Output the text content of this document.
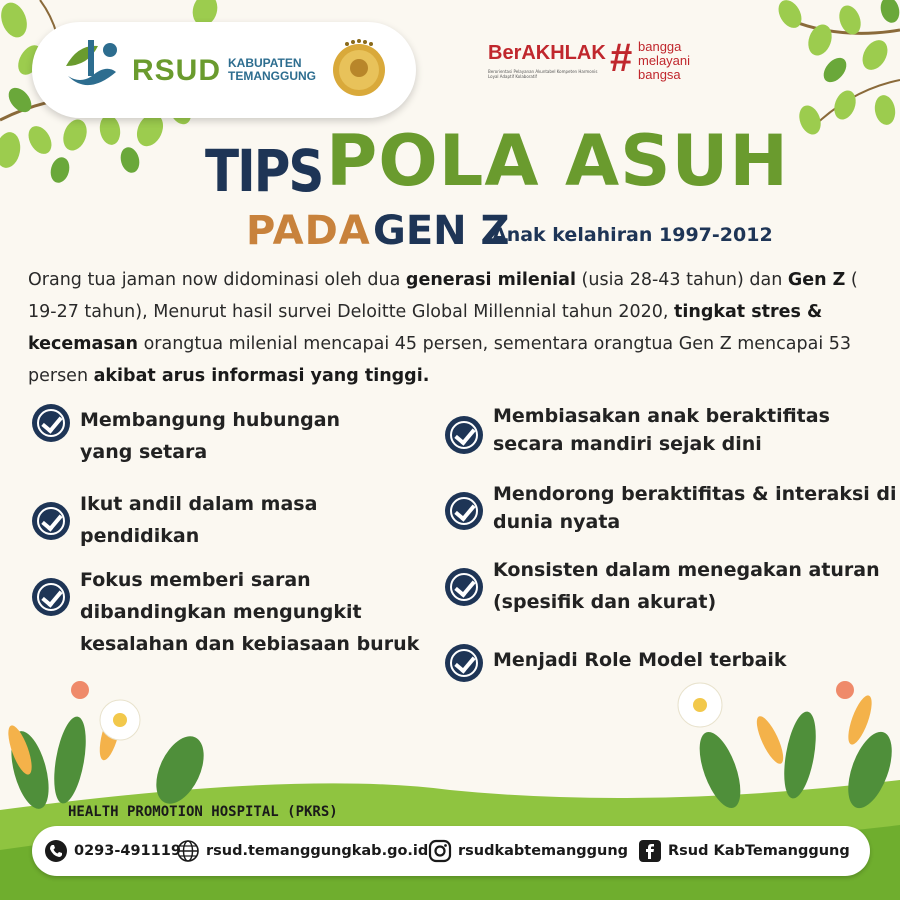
RSUD KABUPATEN
TEMANGGUNG
BerAKHLAK
Berorientasi Pelayanan Akuntabel Kompeten Harmonis Loyal Adaptif Kolaboratif	# bangga
melayani
bangsa
TIPS POLA ASUH
PADA GEN Z
Anak kelahiran 1997-2012

Orang tua jaman now didominasi oleh dua generasi milenial (usia 28-43 tahun) dan Gen Z ( 19-27 tahun), Menurut hasil survei Deloitte Global Millennial tahun 2020, tingkat stres & kecemasan orangtua milenial mencapai 45 persen, sementara orangtua Gen Z mencapai 53 persen akibat arus informasi yang tinggi.

Membangung hubungan
yang setara
Ikut andil dalam masa
pendidikan
Fokus memberi saran
dibandingkan mengungkit
kesalahan dan kebiasaan buruk
Membiasakan anak beraktifitas
secara mandiri sejak dini
Mendorong beraktifitas & interaksi di
dunia nyata
Konsisten dalam menegakan aturan
(spesifik dan akurat)
Menjadi Role Model terbaik
HEALTH PROMOTION HOSPITAL (PKRS)
0293-491119 rsud.temanggungkab.go.id rsudkabtemanggung	Rsud KabTemanggung
